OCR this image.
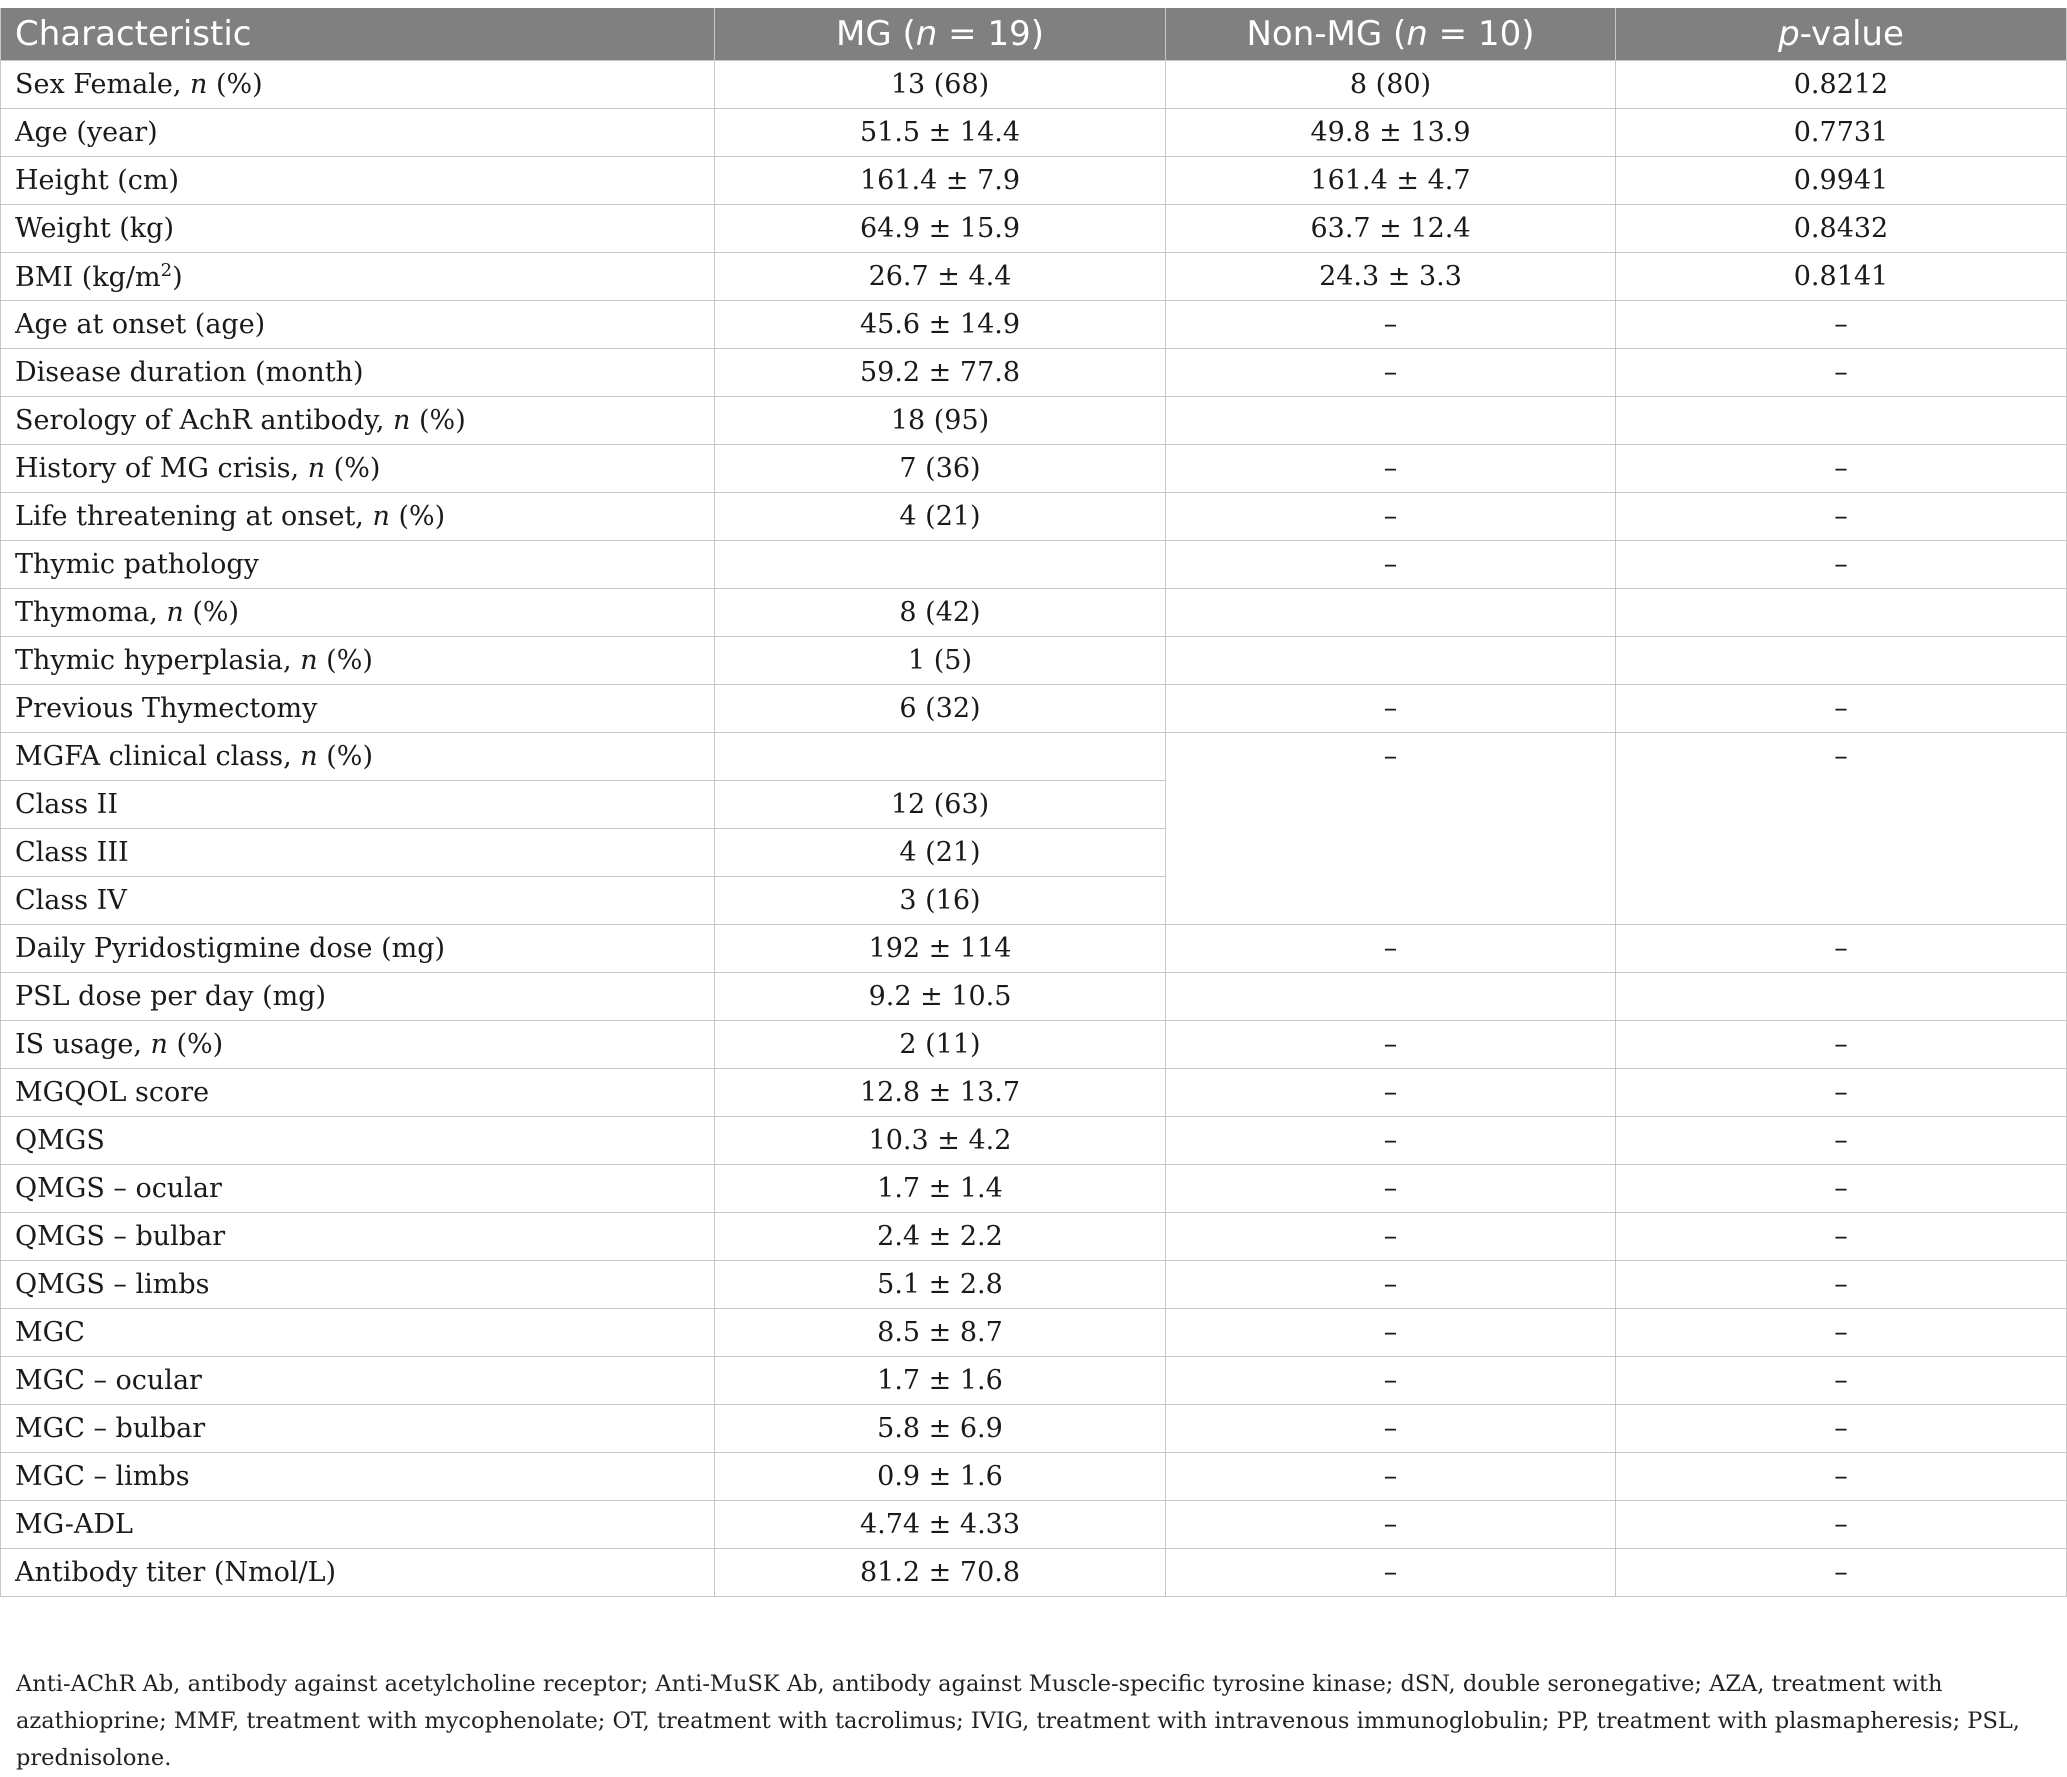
Characteristic	MG (n = 19)	Non-MG (n = 10)	p-value
Sex Female, n (%)	13 (68)	8 (80)	0.8212
Age (year)	51.5 ± 14.4	49.8 ± 13.9	0.7731
Height (cm)	161.4 ± 7.9	161.4 ± 4.7	0.9941
Weight (kg)	64.9 ± 15.9	63.7 ± 12.4	0.8432
BMI $(kg/m^2)$	26.7 ± 4.4	24.3 ± 3.3	0.8141
Age at onset (age)	45.6 ± 14.9	–	–
Disease duration (month)	59.2 ± 77.8	–	–
Serology of AchR antibody, n (%)	18 (95)		
History of MG crisis, n (%)	7 (36)	–	–
Life threatening at onset, n (%)	4 (21)	–	–
Thymic pathology		–	–
Thymoma, n (%)	8 (42)		
Thymic hyperplasia, n (%)	1 (5)		
Previous Thymectomy	6 (32)	–	–
MGFA clinical class, n (%)		–	–
Class II	12 (63)		
Class III	4 (21)		
Class IV	3 (16)		
Daily Pyridostigmine dose (mg)	192 ± 114	–	–
PSL dose per day (mg)	9.2 ± 10.5		
IS usage, n (%)	2 (11)	–	–
MGQOL score	12.8 ± 13.7	–	–
QMGS	10.3 ± 4.2	–	–
QMGS – ocular	1.7 ± 1.4	–	–
QMGS – bulbar	2.4 ± 2.2	–	–
QMGS – limbs	5.1 ± 2.8	–	–
MGC	8.5 ± 8.7	–	–
MGC – ocular	1.7 ± 1.6	–	–
MGC – bulbar	5.8 ± 6.9	–	–
MGC – limbs	0.9 ± 1.6	–	–
MG-ADL	4.74 ± 4.33	–	–
Antibody titer (Nmol/L)	81.2 ± 70.8	–	–
Anti-AChR Ab, antibody against acetylcholine receptor; Anti-MuSK Ab, antibody against Muscle-specific tyrosine kinase; dSN, double seronegative; AZA, treatment with azathioprine; MMF, treatment with mycophenolate; OT, treatment with tacrolimus; IVIG, treatment with intravenous immunoglobulin; PP, treatment with plasmapheresis; PSL, prednisolone.
